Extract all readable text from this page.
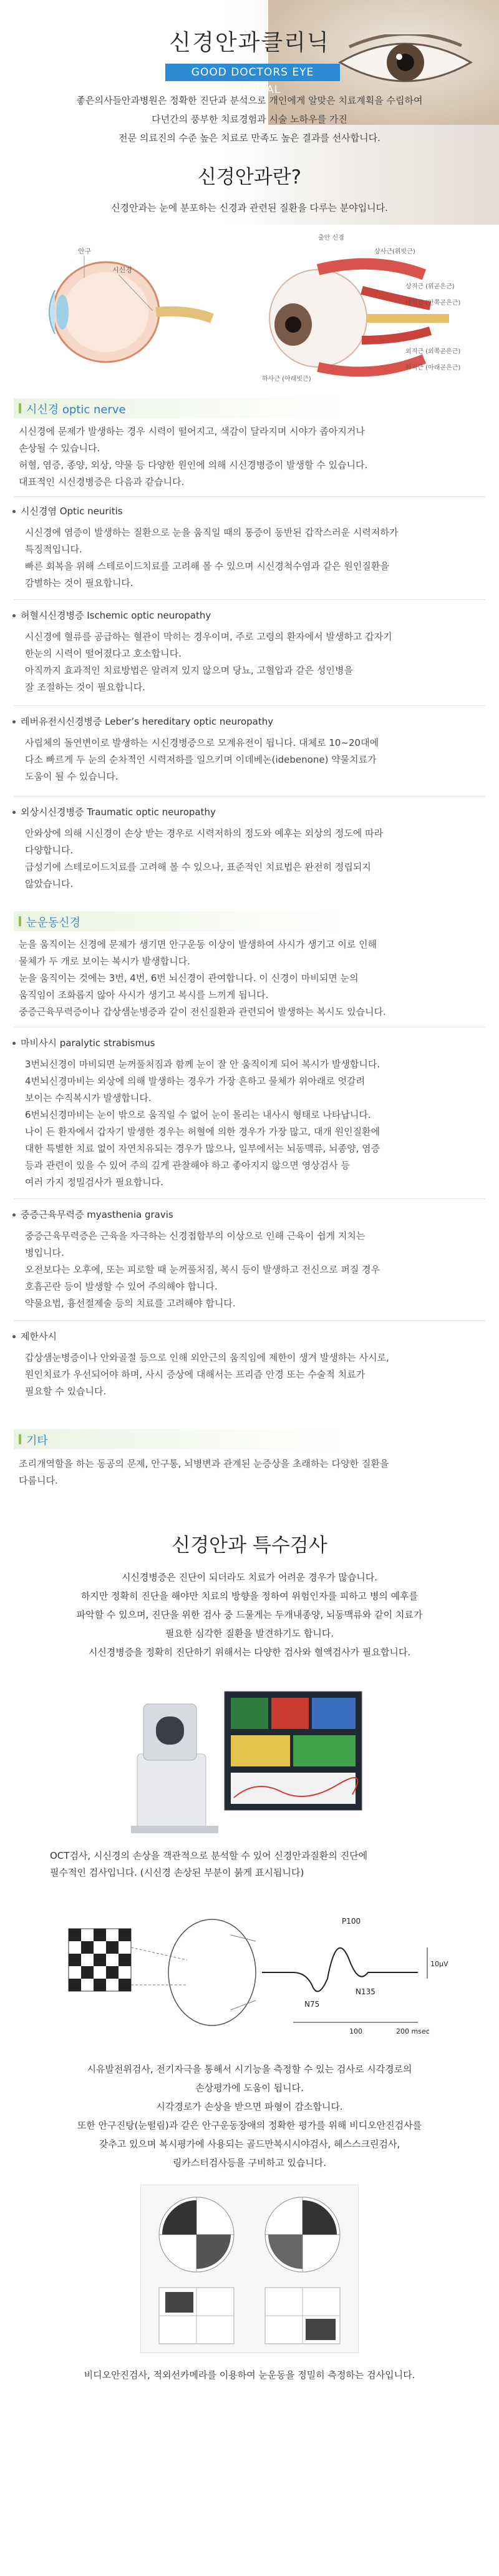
신경안과클리닉
GOOD DOCTORS EYE HOSPITAL
좋은의사들안과병원은 정확한 진단과 분석으로 개인에게 알맞은 치료계획을 수립하여
다년간의 풍부한 치료경험과 시술 노하우를 가진
전문 의료진의 수준 높은 치료로 만족도 높은 결과를 선사합니다.
신경안과란?
신경안과는 눈에 분포하는 신경과 관련된 질환을 다루는 분야입니다.
안구
시신경
출안 신경
상사근(위빗근)
상직근 (위곧은근)
내직근 (안쪽곧은근)
외직근 (외쪽곧은근)
하직근 (아래곧은근)
하사근 (아래빗근)
시신경 optic nerve
시신경에 문제가 발생하는 경우 시력이 떨어지고, 색감이 달라지며 시야가 좁아지거나
손상될 수 있습니다.
허혈, 염증, 종양, 외상, 약물 등 다양한 원인에 의해 시신경병증이 발생할 수 있습니다.
대표적인 시신경병증은 다음과 같습니다.
시신경염 Optic neuritis
시신경에 염증이 발생하는 질환으로 눈을 움직일 때의 통증이 동반된 갑작스러운 시력저하가
특징적입니다.
빠른 회복을 위해 스테로이드치료를 고려해 볼 수 있으며 시신경척수염과 같은 원인질환을
감별하는 것이 필요합니다.
허혈시신경병증 Ischemic optic neuropathy
시신경에 혈류를 공급하는 혈관이 막히는 경우이며, 주로 고령의 환자에서 발생하고 갑자기
한눈의 시력이 떨어졌다고 호소합니다.
아직까지 효과적인 치료방법은 알려져 있지 않으며 당뇨, 고혈압과 같은 성인병을
잘 조절하는 것이 필요합니다.
레버유전시신경병증 Leber’s hereditary optic neuropathy
사립체의 돌연변이로 발생하는 시신경병증으로 모계유전이 됩니다. 대체로 10~20대에
다소 빠르게 두 눈의 순차적인 시력저하를 일으키며 이데베논(idebenone) 약물치료가
도움이 될 수 있습니다.
외상시신경병증 Traumatic optic neuropathy
안와상에 의해 시신경이 손상 받는 경우로 시력저하의 정도와 예후는 외상의 정도에 따라
다양합니다.
급성기에 스테로이드치료를 고려해 볼 수 있으나, 표준적인 치료법은 완전히 정립되지
않았습니다.
눈운동신경
눈을 움직이는 신경에 문제가 생기면 안구운동 이상이 발생하여 사시가 생기고 이로 인해
물체가 두 개로 보이는 복시가 발생합니다.
눈을 움직이는 것에는 3번, 4번, 6번 뇌신경이 관여합니다. 이 신경이 마비되면 눈의
움직임이 조화롭지 않아 사시가 생기고 복시를 느끼게 됩니다.
중증근육무력증이나 갑상샘눈병증과 같이 전신질환과 관련되어 발생하는 복시도 있습니다.
마비사시 paralytic strabismus
3번뇌신경이 마비되면 눈꺼풀처짐과 함께 눈이 잘 안 움직이게 되어 복시가 발생합니다.
4번뇌신경마비는 외상에 의해 발생하는 경우가 가장 흔하고 물체가 위아래로 엇갈려
보이는 수직복시가 발생합니다.
6번뇌신경마비는 눈이 밖으로 움직일 수 없어 눈이 몰리는 내사시 형태로 나타납니다.
나이 든 환자에서 갑자기 발생한 경우는 허혈에 의한 경우가 가장 많고, 대개 원인질환에
대한 특별한 치료 없이 자연치유되는 경우가 많으나, 일부에서는 뇌동맥류, 뇌종양, 염증
등과 관련이 있을 수 있어 주의 깊게 관찰해야 하고 좋아지지 않으면 영상검사 등
여러 가지 정밀검사가 필요합니다.
중증근육무력증 myasthenia gravis
중증근육무력증은 근육을 자극하는 신경접합부의 이상으로 인해 근육이 쉽게 지치는
병입니다.
오전보다는 오후에, 또는 피로할 때 눈꺼풀처짐, 복시 등이 발생하고 전신으로 퍼질 경우
호흡곤란 등이 발생할 수 있어 주의해야 합니다.
약물요법, 흉선절제술 등의 치료를 고려해야 합니다.
제한사시
갑상샘눈병증이나 안와골절 등으로 인해 외안근의 움직임에 제한이 생겨 발생하는 사시로,
원인치료가 우선되어야 하며, 사시 증상에 대해서는 프리즘 안경 또는 수술적 치료가
필요할 수 있습니다.
기타
조리개역할을 하는 동공의 문제, 안구통, 뇌병변과 관계된 눈증상을 초래하는 다양한 질환을
다룹니다.
신경안과 특수검사
시신경병증은 진단이 되더라도 치료가 어려운 경우가 많습니다.
하지만 정확히 진단을 해야만 치료의 방향을 정하여 위험인자를 피하고 병의 예후를
파악할 수 있으며, 진단을 위한 검사 중 드물게는 두개내종양, 뇌동맥류와 같이 치료가
필요한 심각한 질환을 발견하기도 합니다.
시신경병증을 정확히 진단하기 위해서는 다양한 검사와 혈액검사가 필요합니다.
OCT검사, 시신경의 손상을 객관적으로 분석할 수 있어 신경안과질환의 진단에
필수적인 검사입니다. (시신경 손상된 부분이 붉게 표시됩니다)
P100
N75
N135
10μV
100	200 msec
시유발전위검사, 전기자극을 통해서 시기능을 측정할 수 있는 검사로 시각경로의
손상평가에 도움이 됩니다.
시각경로가 손상을 받으면 파형이 감소합니다.
또한 안구진탕(눈떨림)과 같은 안구운동장애의 정확한 평가를 위해 비디오안진검사를
갖추고 있으며 복시평가에 사용되는 골드만복시시야검사, 헤스스크린검사,
링카스터검사등을 구비하고 있습니다.
비디오안진검사, 적외선카메라를 이용하여 눈운동을 정밀히 측정하는 검사입니다.
